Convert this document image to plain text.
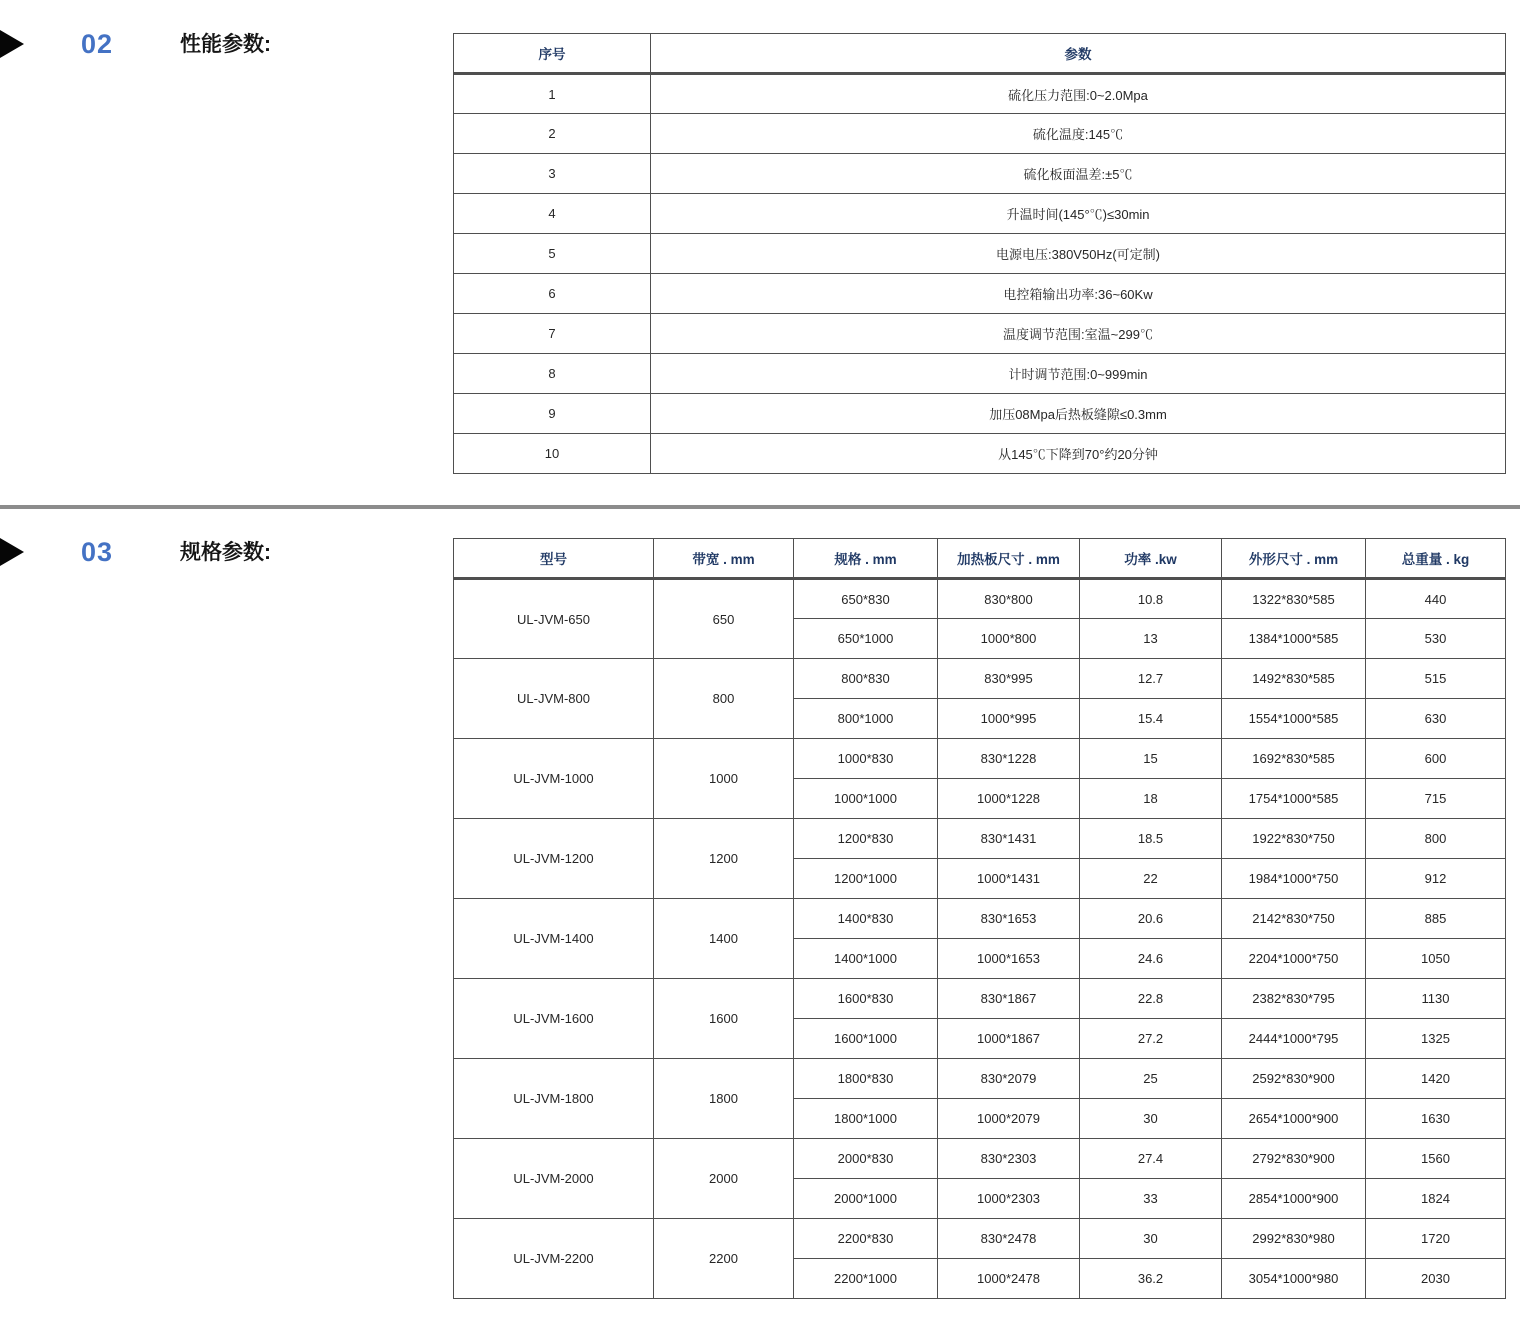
02	性能参数:	序号	参数
1	硫化压力范围:0~2.0Mpa
2	硫化温度:145℃
3	硫化板面温差:±5℃
4	升温时间(145°℃)≤30min
5	电源电压:380V50Hz(可定制)
6	电控箱输出功率:36~60Kw
7	温度调节范围:室温~299℃
8	计时调节范围:0~999min
9	加压08Mpa后热板缝隙≤0.3mm
10	从145℃下降到70°约20分钟
03	规格参数:	型号	带宽 . mm	规格 . mm	加热板尺寸 . mm	功率 .kw	外形尺寸 . mm	总重量 . kg
UL-JVM-650	650	650*830	830*800	10.8	1322*830*585	440
		650*1000	1000*800	13	1384*1000*585	530
UL-JVM-800	800	800*830	830*995	12.7	1492*830*585	515
		800*1000	1000*995	15.4	1554*1000*585	630
UL-JVM-1000	1000	1000*830	830*1228	15	1692*830*585	600
		1000*1000	1000*1228	18	1754*1000*585	715
UL-JVM-1200	1200	1200*830	830*1431	18.5	1922*830*750	800
		1200*1000	1000*1431	22	1984*1000*750	912
UL-JVM-1400	1400	1400*830	830*1653	20.6	2142*830*750	885
		1400*1000	1000*1653	24.6	2204*1000*750	1050
UL-JVM-1600	1600	1600*830	830*1867	22.8	2382*830*795	1130
		1600*1000	1000*1867	27.2	2444*1000*795	1325
UL-JVM-1800	1800	1800*830	830*2079	25	2592*830*900	1420
		1800*1000	1000*2079	30	2654*1000*900	1630
UL-JVM-2000	2000	2000*830	830*2303	27.4	2792*830*900	1560
		2000*1000	1000*2303	33	2854*1000*900	1824
UL-JVM-2200	2200	2200*830	830*2478	30	2992*830*980	1720
		2200*1000	1000*2478	36.2	3054*1000*980	2030
